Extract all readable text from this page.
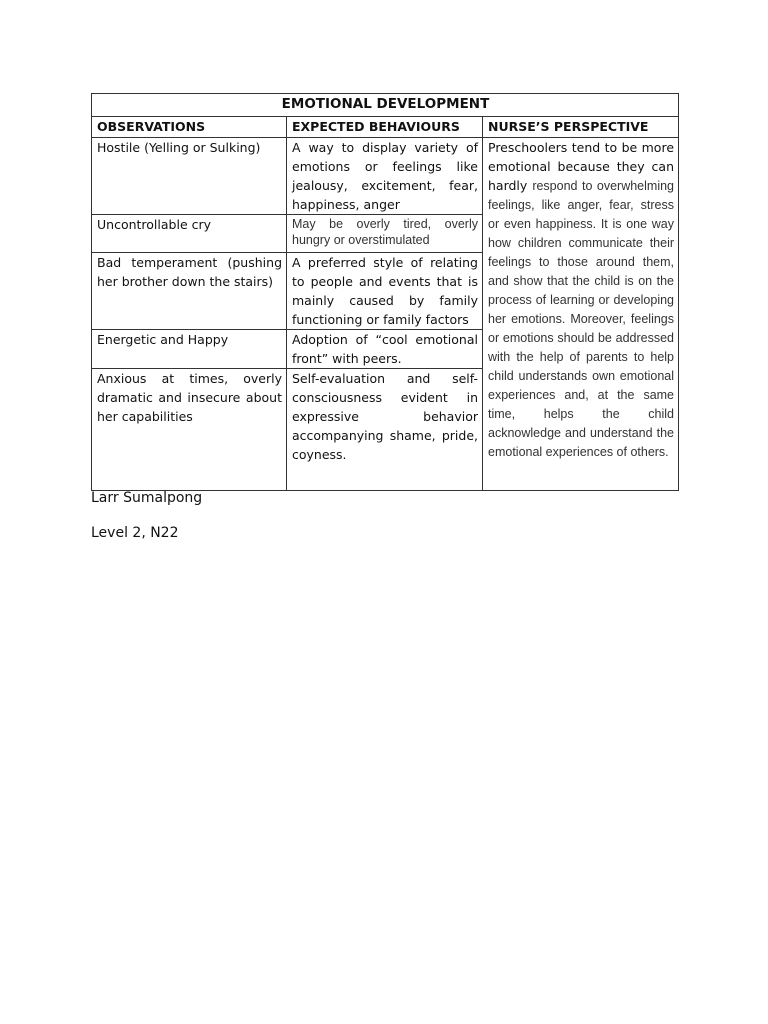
EMOTIONAL DEVELOPMENT		
OBSERVATIONS	EXPECTED BEHAVIOURS	NURSE’S PERSPECTIVE
Hostile (Yelling or Sulking)	A way to display variety of emotions or feelings like jealousy, excitement, fear, happiness, anger	Preschoolers tend to be more emotional because they can hardly respond to overwhelming feelings, like anger, fear, stress or even happiness. It is one way how children communicate their feelings to those around them, and show that the child is on the process of learning or developing her emotions. Moreover, feelings or emotions should be addressed with the help of parents to help child understands own emotional experiences and, at the same time, helps the child acknowledge and understand the emotional experiences of others.
Uncontrollable cry	May be overly tired, overly hungry or overstimulated	
Bad temperament (pushing her brother down the stairs)	A preferred style of relating to people and events that is mainly caused by family functioning or family factors	
Energetic and Happy	Adoption of “cool emotional front” with peers.	
Anxious at times, overly dramatic and insecure about her capabilities	Self-evaluation and self-consciousness evident in expressive behavior accompanying shame, pride, coyness.	
Larr Sumalpong
Level 2, N22
